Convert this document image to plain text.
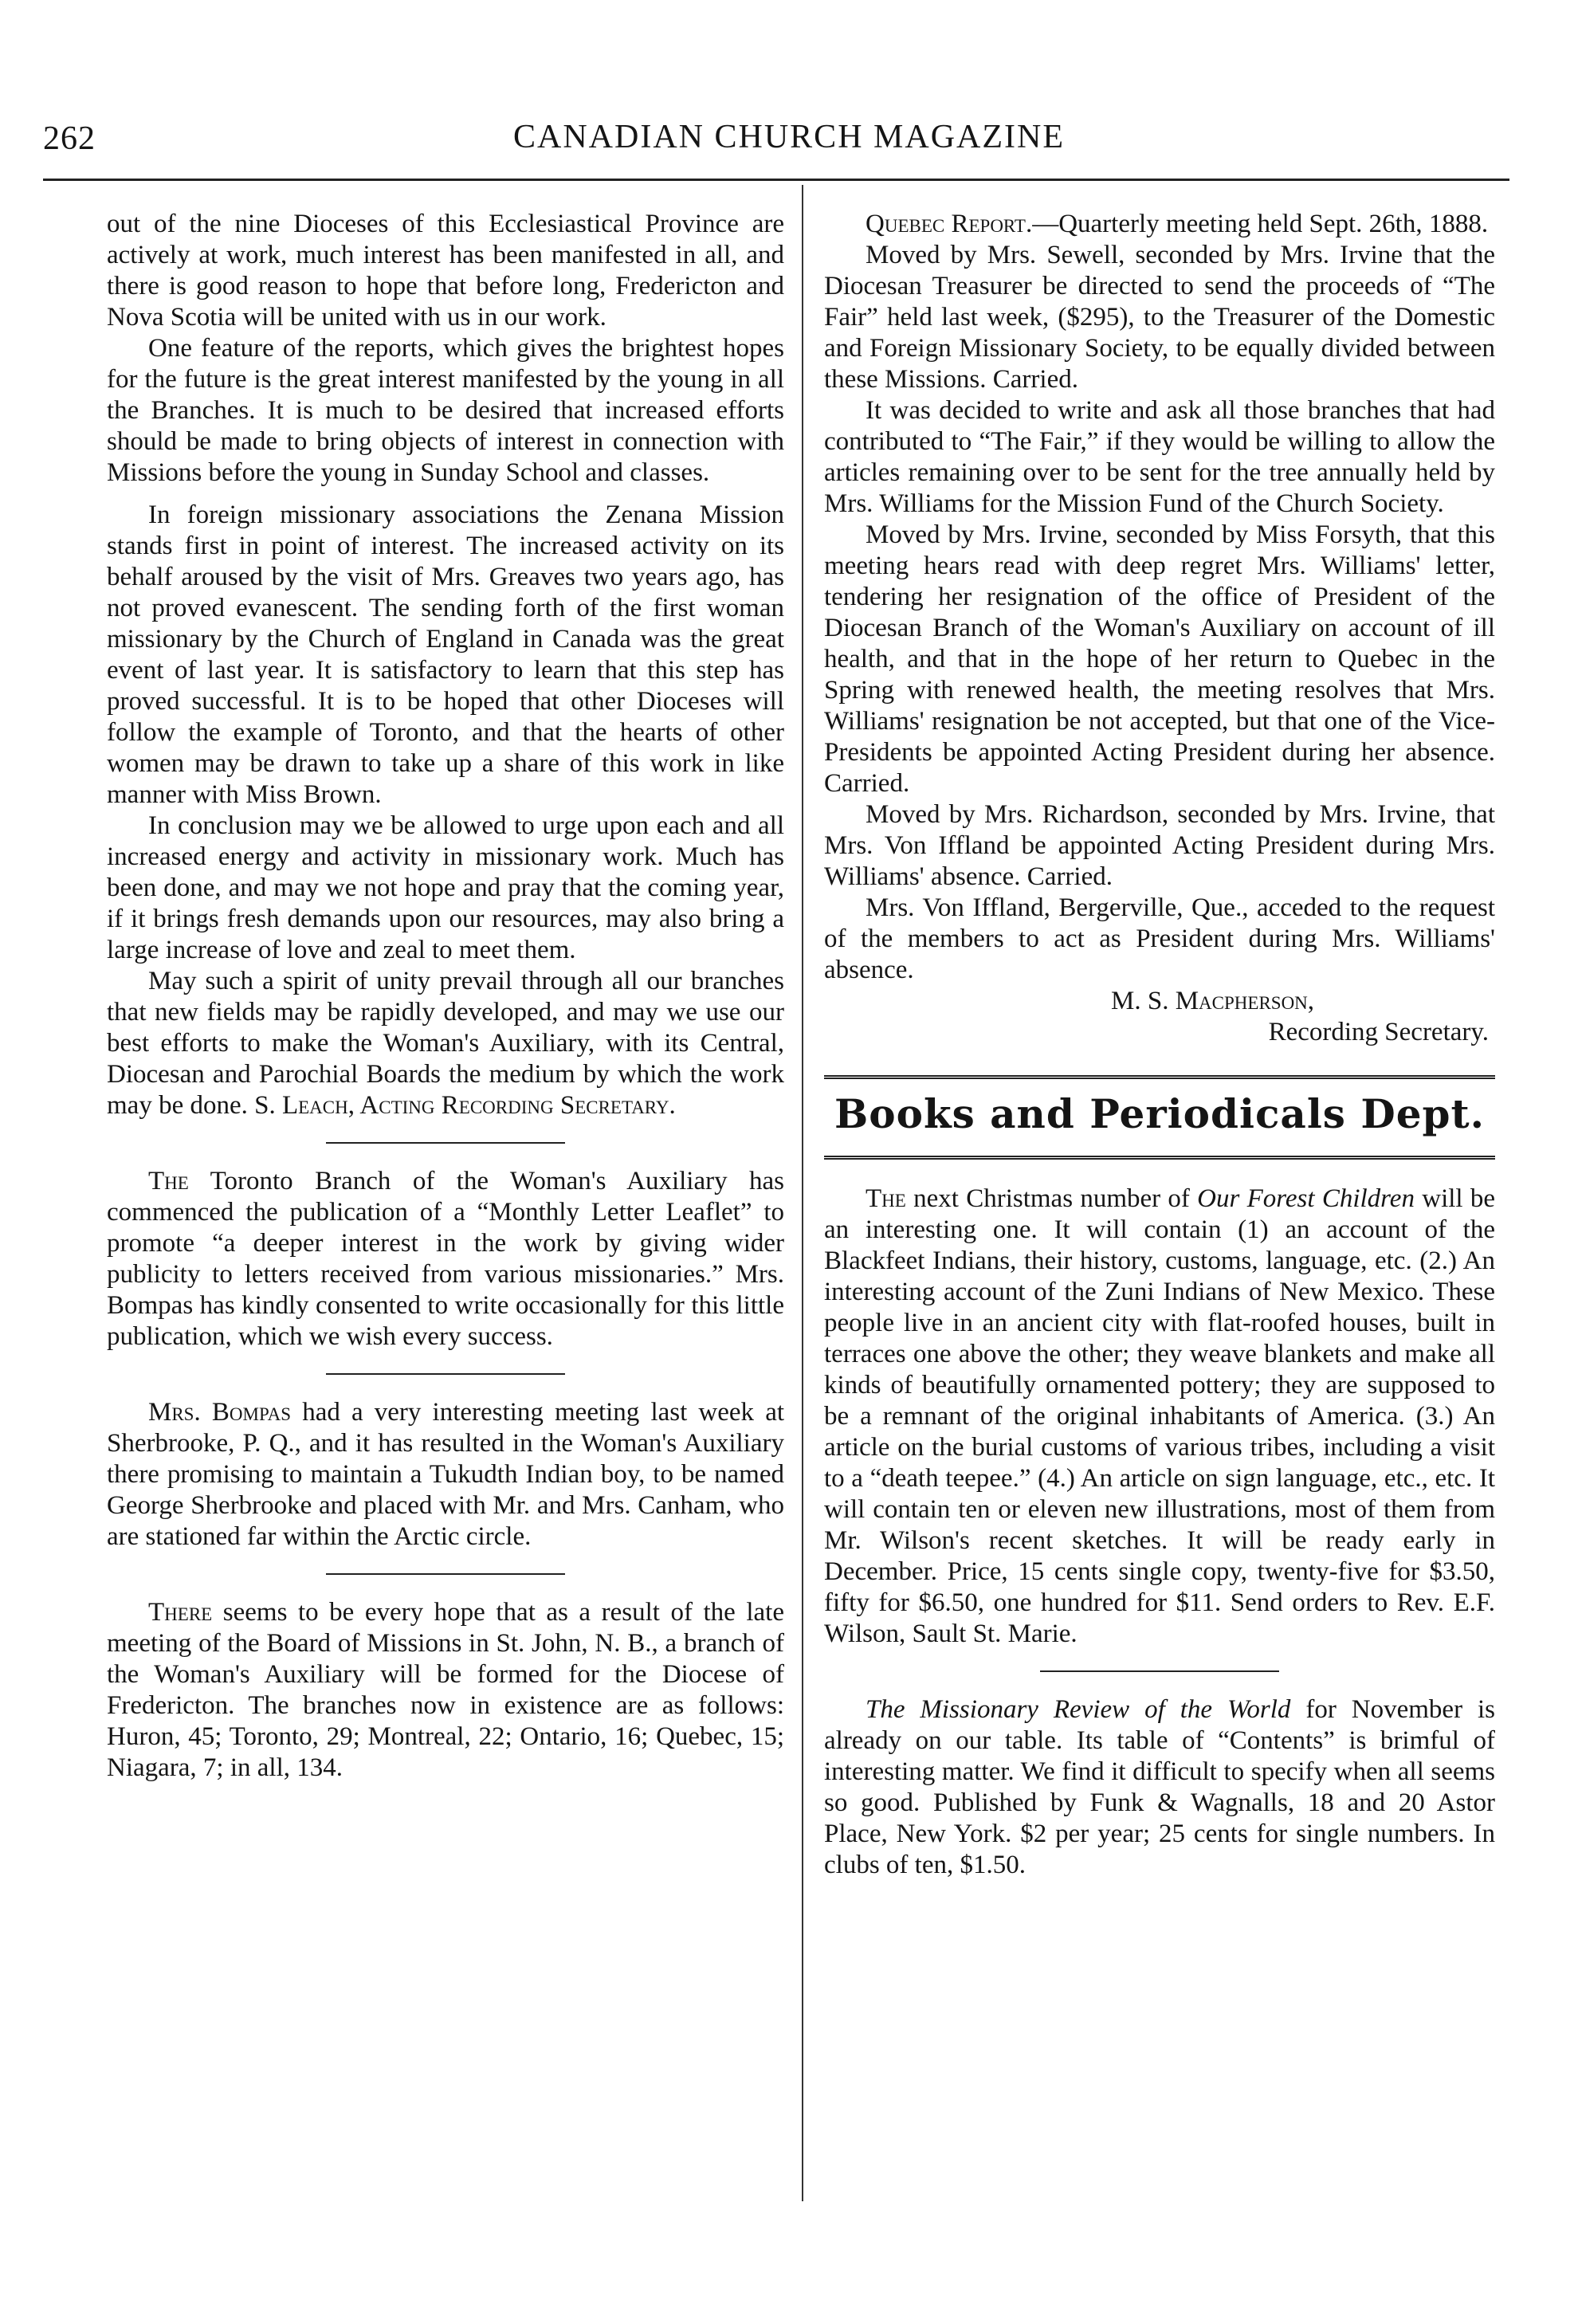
262	CANADIAN CHURCH MAGAZINE

out of the nine Dioceses of this Ecclesiastical Province are actively at work, much interest has been manifested in all, and there is good reason to hope that before long, Fredericton and Nova Scotia will be united with us in our work.

One feature of the reports, which gives the brightest hopes for the future is the great interest manifested by the young in all the Branches. It is much to be desired that increased efforts should be made to bring objects of interest in connection with Missions before the young in Sunday School and classes.

In foreign missionary associations the Zenana Mission stands first in point of interest. The increased activity on its behalf aroused by the visit of Mrs. Greaves two years ago, has not proved evanescent. The sending forth of the first woman missionary by the Church of England in Canada was the great event of last year. It is satisfactory to learn that this step has proved successful. It is to be hoped that other Dioceses will follow the example of Toronto, and that the hearts of other women may be drawn to take up a share of this work in like manner with Miss Brown.

In conclusion may we be allowed to urge upon each and all increased energy and activity in missionary work. Much has been done, and may we not hope and pray that the coming year, if it brings fresh demands upon our resources, may also bring a large increase of love and zeal to meet them.

May such a spirit of unity prevail through all our branches that new fields may be rapidly developed, and may we use our best efforts to make the Woman's Auxiliary, with its Central, Diocesan and Parochial Boards the medium by which the work may be done. S. Leach, Acting Recording Secretary.

The Toronto Branch of the Woman's Auxiliary has commenced the publication of a “Monthly Letter Leaflet” to promote “a deeper interest in the work by giving wider publicity to letters received from various missionaries.” Mrs. Bompas has kindly consented to write occasionally for this little publication, which we wish every success.

Mrs. Bompas had a very interesting meeting last week at Sherbrooke, P. Q., and it has resulted in the Woman's Auxiliary there promising to maintain a Tukudth Indian boy, to be named George Sherbrooke and placed with Mr. and Mrs. Canham, who are stationed far within the Arctic circle.

There seems to be every hope that as a result of the late meeting of the Board of Missions in St. John, N. B., a branch of the Woman's Auxiliary will be formed for the Diocese of Fredericton. The branches now in existence are as follows: Huron, 45; Toronto, 29; Montreal, 22; Ontario, 16; Quebec, 15; Niagara, 7; in all, 134.

Quebec Report.—Quarterly meeting held Sept. 26th, 1888.

Moved by Mrs. Sewell, seconded by Mrs. Irvine that the Diocesan Treasurer be directed to send the proceeds of “The Fair” held last week, ($295), to the Treasurer of the Domestic and Foreign Missionary Society, to be equally divided between these Missions. Carried.

It was decided to write and ask all those branches that had contributed to “The Fair,” if they would be willing to allow the articles remaining over to be sent for the tree annually held by Mrs. Williams for the Mission Fund of the Church Society.

Moved by Mrs. Irvine, seconded by Miss Forsyth, that this meeting hears read with deep regret Mrs. Williams' letter, tendering her resignation of the office of President of the Diocesan Branch of the Woman's Auxiliary on account of ill health, and that in the hope of her return to Quebec in the Spring with renewed health, the meeting resolves that Mrs. Williams' resignation be not accepted, but that one of the Vice-Presidents be appointed Acting President during her absence. Carried.

Moved by Mrs. Richardson, seconded by Mrs. Irvine, that Mrs. Von Iffland be appointed Acting President during Mrs. Williams' absence. Carried.

Mrs. Von Iffland, Bergerville, Que., acceded to the request of the members to act as President during Mrs. Williams' absence.

M. S. Macpherson,

Recording Secretary.

Books and Periodicals Dept.

The next Christmas number of Our Forest Children will be an interesting one. It will contain (1) an account of the Blackfeet Indians, their history, customs, language, etc. (2.) An interesting account of the Zuni Indians of New Mexico. These people live in an ancient city with flat-roofed houses, built in terraces one above the other; they weave blankets and make all kinds of beautifully ornamented pottery; they are supposed to be a remnant of the original inhabitants of America. (3.) An article on the burial customs of various tribes, including a visit to a “death teepee.” (4.) An article on sign language, etc., etc. It will contain ten or eleven new illustrations, most of them from Mr. Wilson's recent sketches. It will be ready early in December. Price, 15 cents single copy, twenty-five for $3.50, fifty for $6.50, one hundred for $11. Send orders to Rev. E.F. Wilson, Sault St. Marie.

The Missionary Review of the World for November is already on our table. Its table of “Contents” is brimful of interesting matter. We find it difficult to specify when all seems so good. Published by Funk & Wagnalls, 18 and 20 Astor Place, New York. $2 per year; 25 cents for single numbers. In clubs of ten, $1.50.
